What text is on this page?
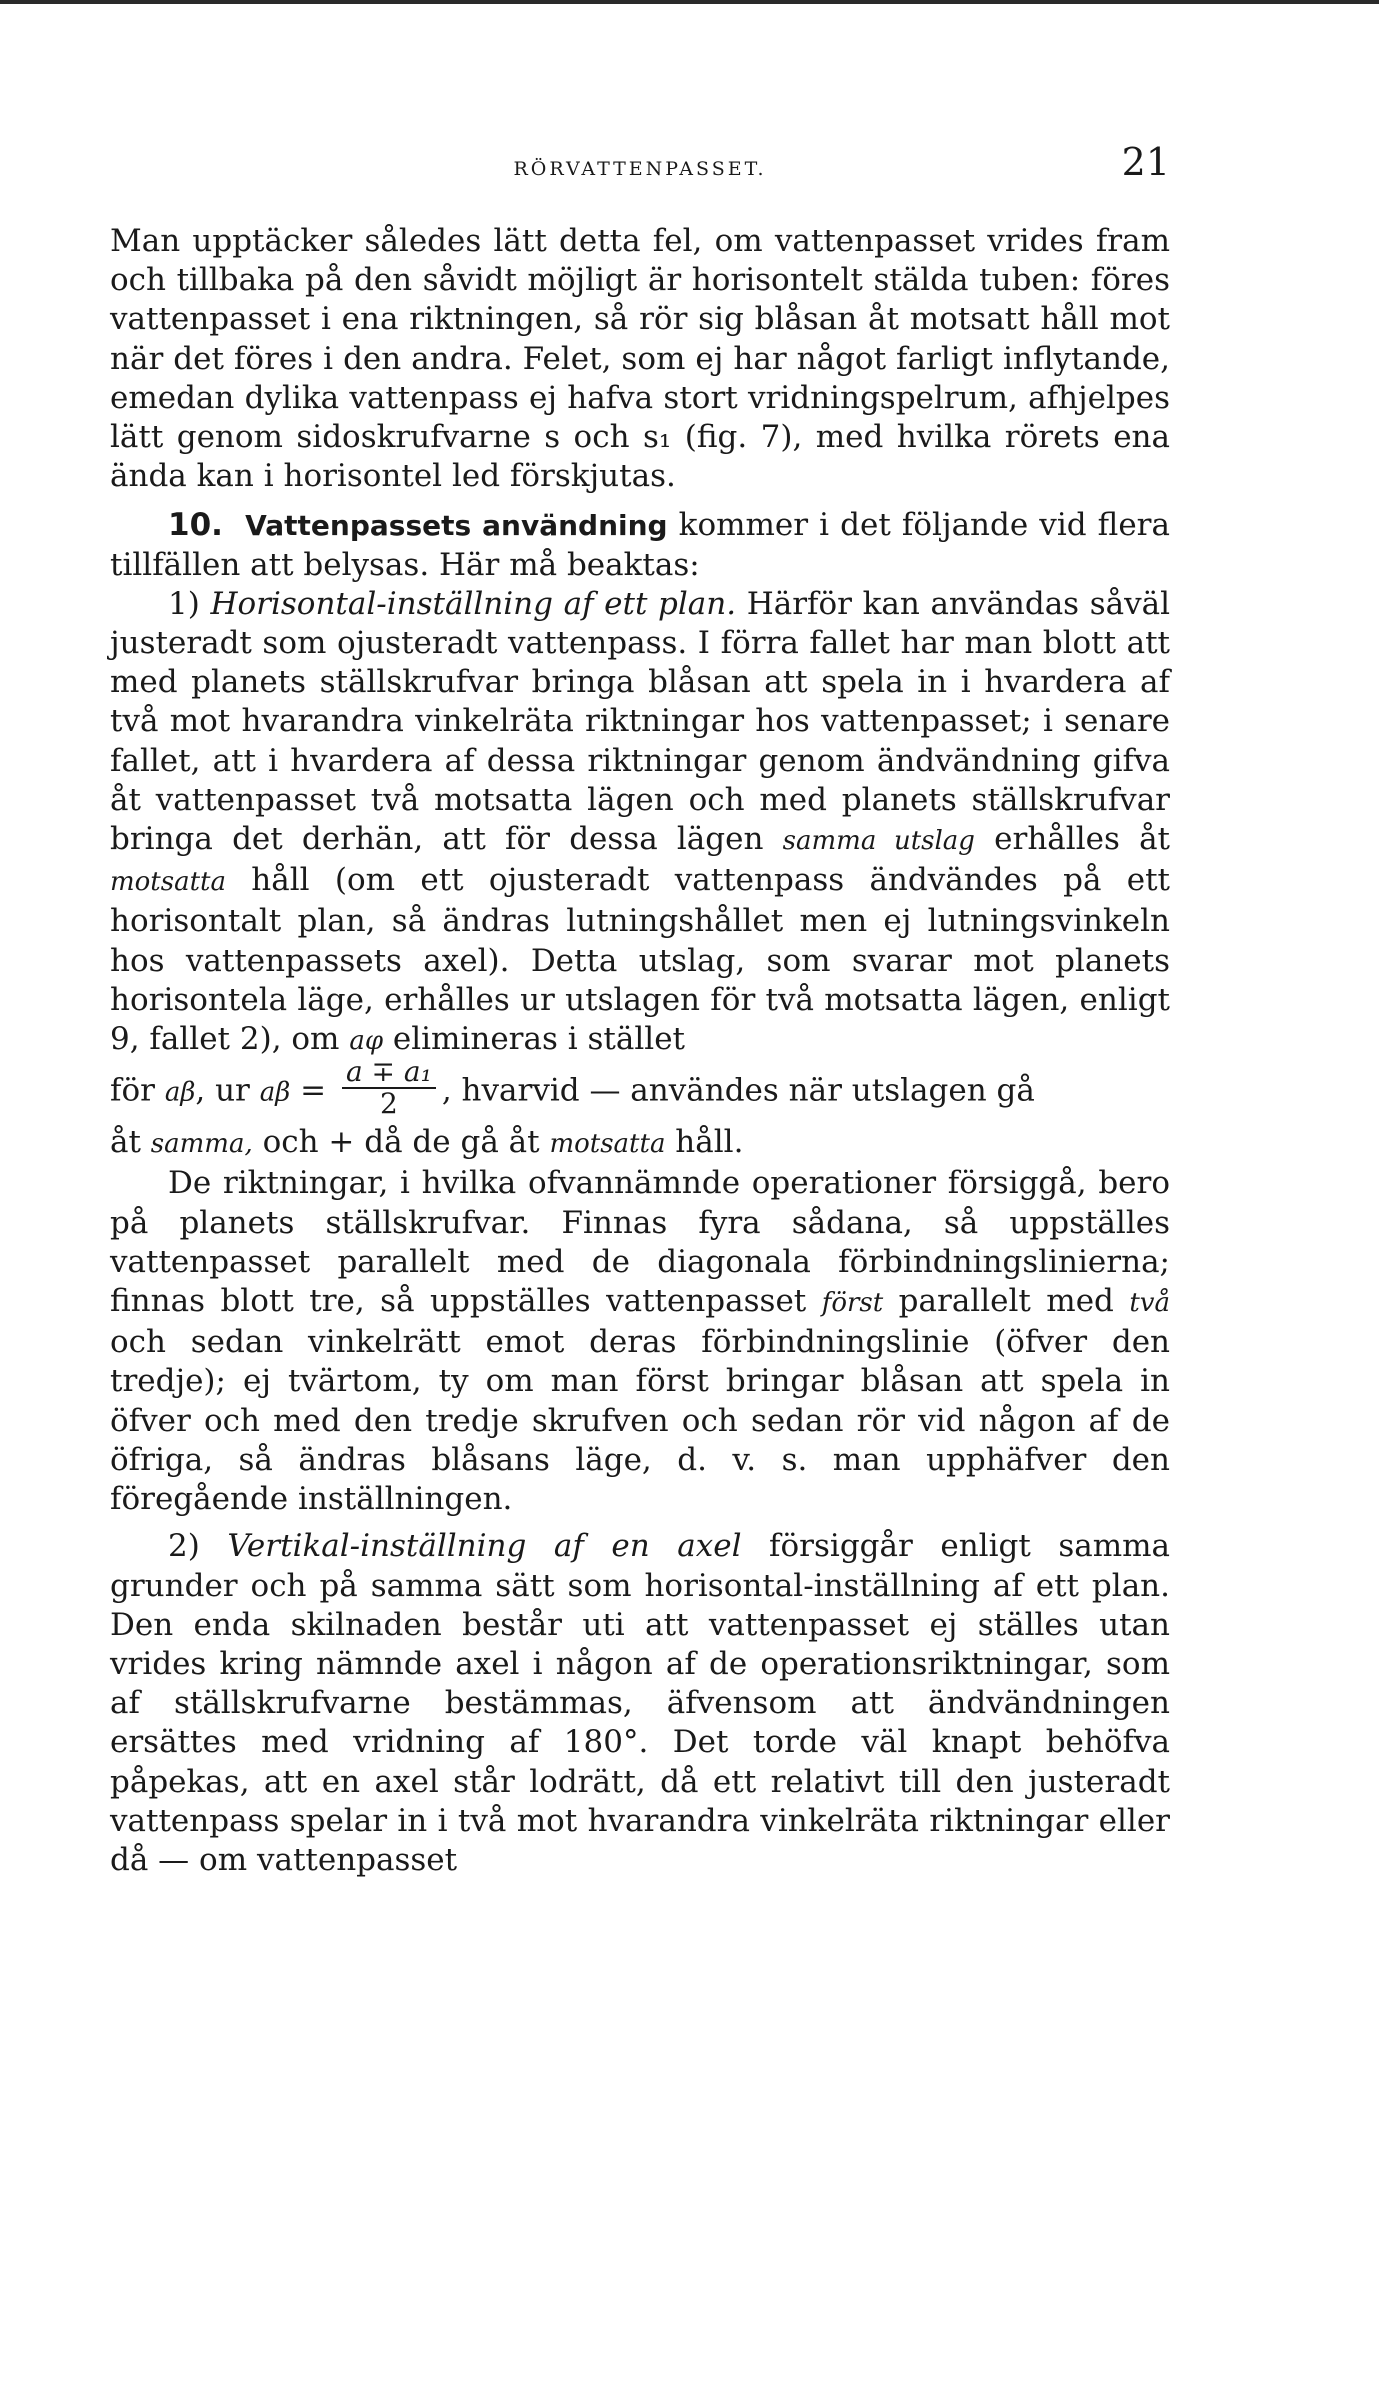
RÖRVATTENPASSET.	21

Man upptäcker således lätt detta fel, om vattenpasset vrides fram och tillbaka på den såvidt möjligt är horisontelt stälda tuben: föres vattenpasset i ena riktningen, så rör sig blåsan åt motsatt håll mot när det föres i den andra. Felet, som ej har något farligt inflytande, emedan dylika vattenpass ej hafva stort vridningspelrum, afhjelpes lätt genom sidoskrufvarne s och s₁ (fig. 7), med hvilka rörets ena ända kan i horisontel led förskjutas.

10. Vattenpassets användning kommer i det följande vid flera tillfällen att belysas. Här må beaktas:

1) Horisontal-inställning af ett plan. Härför kan användas såväl justeradt som ojusteradt vattenpass. I förra fallet har man blott att med planets ställskrufvar bringa blåsan att spela in i hvardera af två mot hvarandra vinkelräta riktningar hos vattenpasset; i senare fallet, att i hvardera af dessa riktningar genom ändvändning gifva åt vattenpasset två motsatta lägen och med planets ställskrufvar bringa det derhän, att för dessa lägen samma utslag erhålles åt motsatta håll (om ett ojusteradt vattenpass ändvändes på ett horisontalt plan, så ändras lutningshållet men ej lutningsvinkeln hos vattenpassets axel). Detta utslag, som svarar mot planets horisontela läge, erhålles ur utslagen för två motsatta lägen, enligt 9, fallet 2), om aφ elimineras i stället

för aβ, ur $a\beta = \frac{\text{a ∓ a₁}}{2}$ , hvarvid — användes när utslagen gå

åt samma, och + då de gå åt motsatta håll.

De riktningar, i hvilka ofvannämnde operationer försiggå, bero på planets ställskrufvar. Finnas fyra sådana, så uppställes vattenpasset parallelt med de diagonala förbindningslinierna; finnas blott tre, så uppställes vattenpasset först parallelt med två och sedan vinkelrätt emot deras förbindningslinie (öfver den tredje); ej tvärtom, ty om man först bringar blåsan att spela in öfver och med den tredje skrufven och sedan rör vid någon af de öfriga, så ändras blåsans läge, d. v. s. man upphäfver den föregående inställningen.

2) Vertikal-inställning af en axel försiggår enligt samma grunder och på samma sätt som horisontal-inställning af ett plan. Den enda skilnaden består uti att vattenpasset ej ställes utan vrides kring nämnde axel i någon af de operationsriktningar, som af ställskrufvarne bestämmas, äfvensom att ändvändningen ersättes med vridning af 180°. Det torde väl knapt behöfva påpekas, att en axel står lodrätt, då ett relativt till den justeradt vattenpass spelar in i två mot hvarandra vinkelräta riktningar eller då — om vattenpasset
